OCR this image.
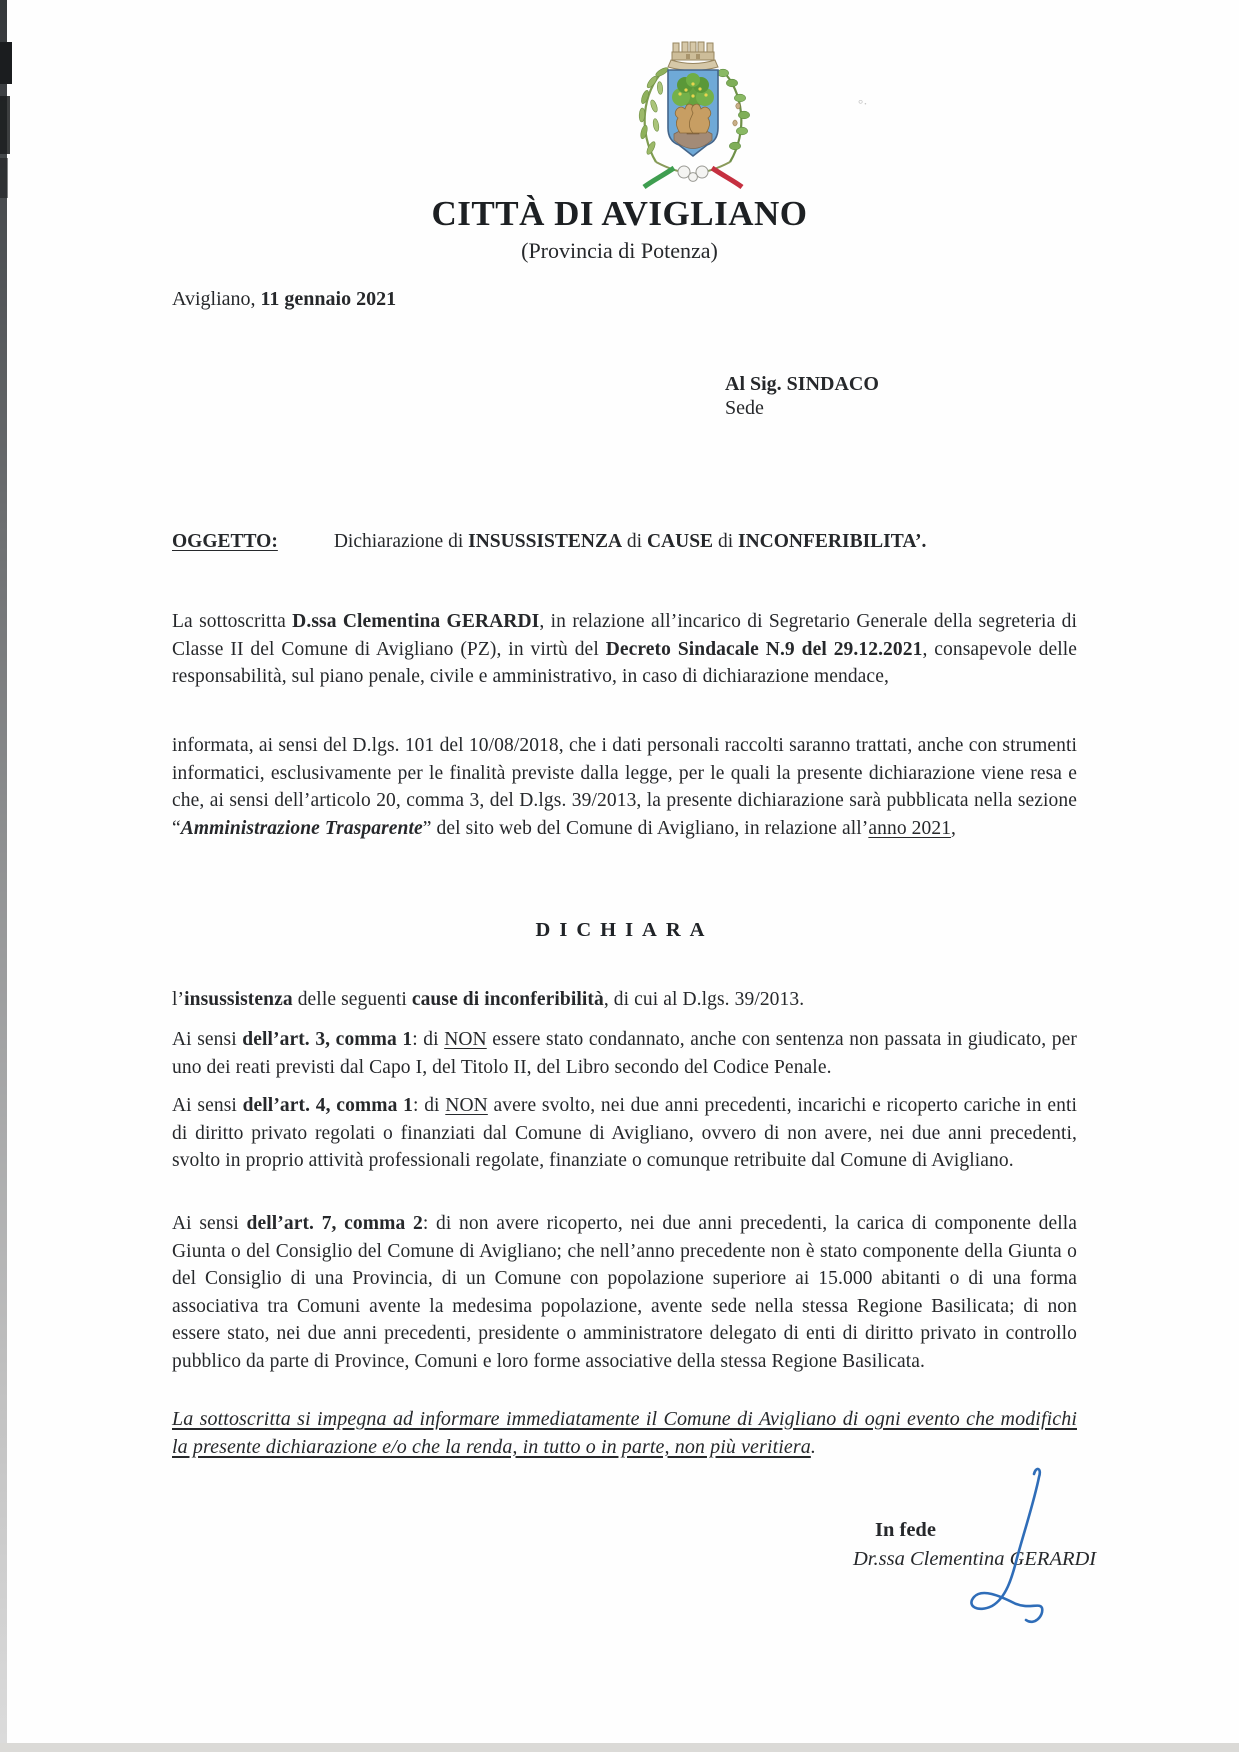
°·
CITTÀ DI AVIGLIANO
(Provincia di Potenza)
Avigliano, 11 gennaio 2021
Al Sig. SINDACO
Sede
OGGETTO:	Dichiarazione di INSUSSISTENZA di CAUSE di INCONFERIBILITA’.
La sottoscritta D.ssa Clementina GERARDI, in relazione all’incarico di Segretario Generale della segreteria di Classe II del Comune di Avigliano (PZ), in virtù del Decreto Sindacale N.9 del 29.12.2021, consapevole delle responsabilità, sul piano penale, civile e amministrativo, in caso di dichiarazione mendace,
informata, ai sensi del D.lgs. 101 del 10/08/2018, che i dati personali raccolti saranno trattati, anche con strumenti informatici, esclusivamente per le finalità previste dalla legge, per le quali la presente dichiarazione viene resa e che, ai sensi dell’articolo 20, comma 3, del D.lgs. 39/2013, la presente dichiarazione sarà pubblicata nella sezione “Amministrazione Trasparente” del sito web del Comune di Avigliano, in relazione all’anno 2021,
DICHIARA
l’insussistenza delle seguenti cause di inconferibilità, di cui al D.lgs. 39/2013.
Ai sensi dell’art. 3, comma 1: di NON essere stato condannato, anche con sentenza non passata in giudicato, per uno dei reati previsti dal Capo I, del Titolo II, del Libro secondo del Codice Penale.
Ai sensi dell’art. 4, comma 1: di NON avere svolto, nei due anni precedenti, incarichi e ricoperto cariche in enti di diritto privato regolati o finanziati dal Comune di Avigliano, ovvero di non avere, nei due anni precedenti, svolto in proprio attività professionali regolate, finanziate o comunque retribuite dal Comune di Avigliano.
Ai sensi dell’art. 7, comma 2: di non avere ricoperto, nei due anni precedenti, la carica di componente della Giunta o del Consiglio del Comune di Avigliano; che nell’anno precedente non è stato componente della Giunta o del Consiglio di una Provincia, di un Comune con popolazione superiore ai 15.000 abitanti o di una forma associativa tra Comuni avente la medesima popolazione, avente sede nella stessa Regione Basilicata; di non essere stato, nei due anni precedenti, presidente o amministratore delegato di enti di diritto privato in controllo pubblico da parte di Province, Comuni e loro forme associative della stessa Regione Basilicata.
La sottoscritta si impegna ad informare immediatamente il Comune di Avigliano di ogni evento che modifichi la presente dichiarazione e/o che la renda, in tutto o in parte, non più veritiera.
In fede
Dr.ssa Clementina GERARDI
